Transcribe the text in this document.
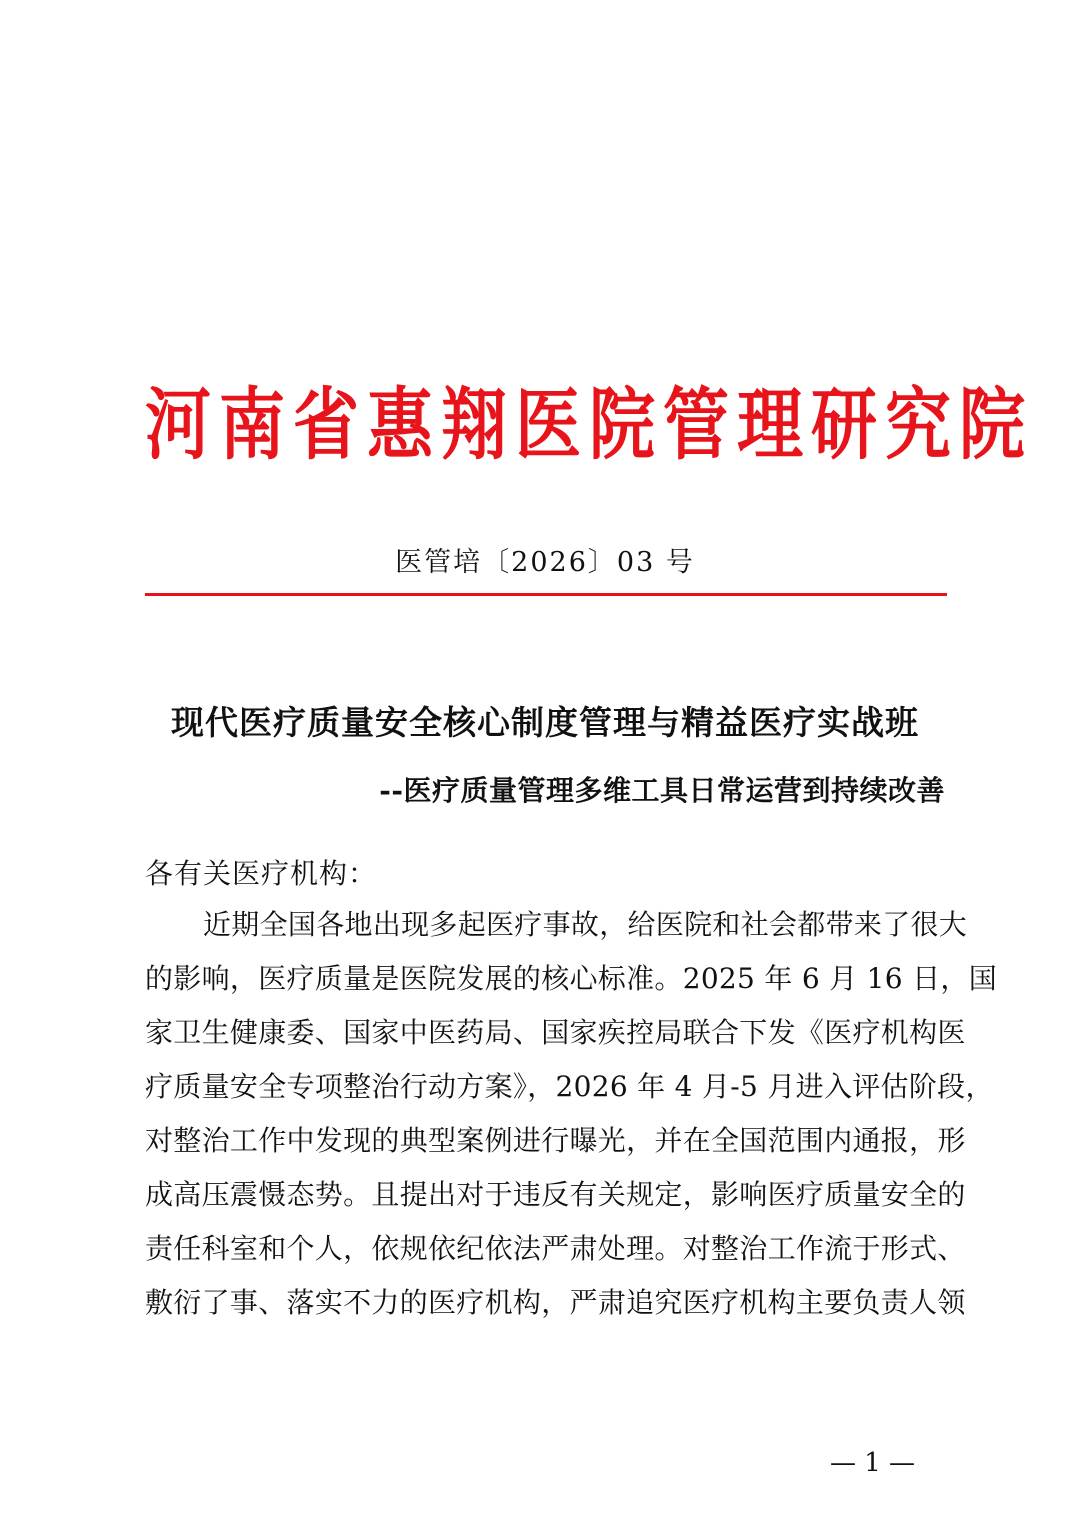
河南省惠翔医院管理研究院
医管培〔2026〕03 号
现代医疗质量安全核心制度管理与精益医疗实战班
--医疗质量管理多维工具日常运营到持续改善
各有关医疗机构：
近期全国各地出现多起医疗事故，给医院和社会都带来了很大
的影响，医疗质量是医院发展的核心标准。2025 年 6 月 16 日，国
家卫生健康委、国家中医药局、国家疾控局联合下发《医疗机构医
疗质量安全专项整治行动方案》，2026 年 4 月-5 月进入评估阶段，
对整治工作中发现的典型案例进行曝光，并在全国范围内通报，形
成高压震慑态势。且提出对于违反有关规定，影响医疗质量安全的
责任科室和个人，依规依纪依法严肃处理。对整治工作流于形式、
敷衍了事、落实不力的医疗机构，严肃追究医疗机构主要负责人领
— 1 —
